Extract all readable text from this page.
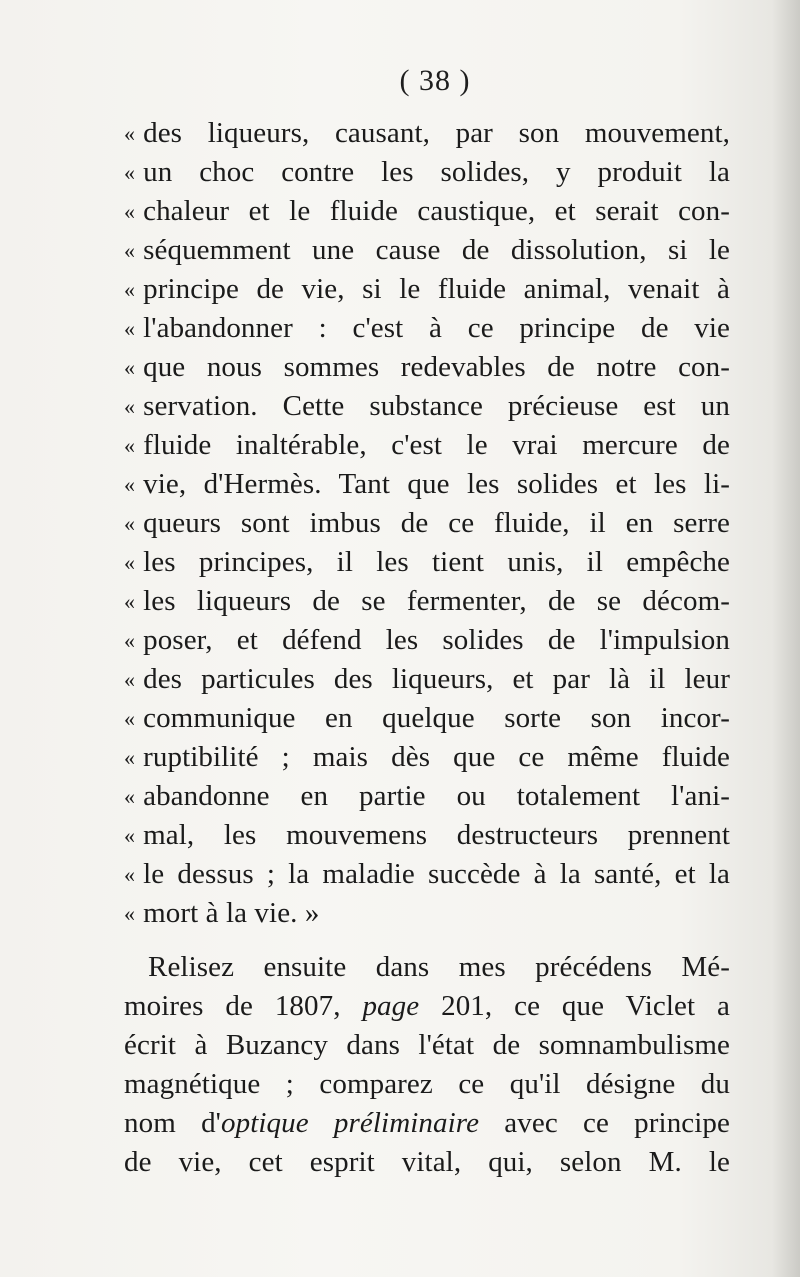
( 38 )
« des liqueurs, causant, par son mouvement,
« un choc contre les solides, y produit la
« chaleur et le fluide caustique, et serait con-
« séquemment une cause de dissolution, si le
« principe de vie, si le fluide animal, venait à
« l'abandonner : c'est à ce principe de vie
« que nous sommes redevables de notre con-
« servation. Cette substance précieuse est un
« fluide inaltérable, c'est le vrai mercure de
« vie, d'Hermès. Tant que les solides et les li-
« queurs sont imbus de ce fluide, il en serre
« les principes, il les tient unis, il empêche
« les liqueurs de se fermenter, de se décom-
« poser, et défend les solides de l'impulsion
« des particules des liqueurs, et par là il leur
« communique en quelque sorte son incor-
« ruptibilité ; mais dès que ce même fluide
« abandonne en partie ou totalement l'ani-
« mal, les mouvemens destructeurs prennent
« le dessus ; la maladie succède à la santé, et la
« mort à la vie. »
Relisez ensuite dans mes précédens Mé-
moires de 1807, page 201, ce que Viclet a
écrit à Buzancy dans l'état de somnambulisme
magnétique ; comparez ce qu'il désigne du
nom d'optique préliminaire avec ce principe
de vie, cet esprit vital, qui, selon M. le
